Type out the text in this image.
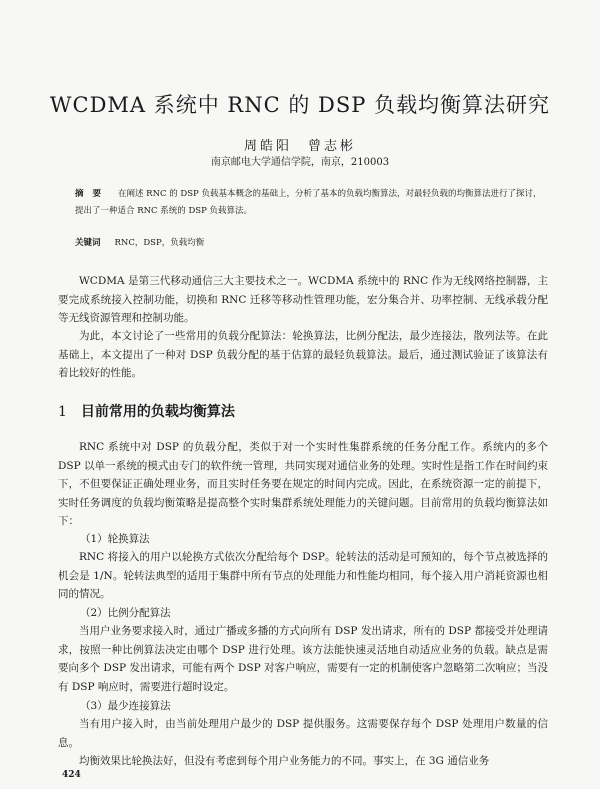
WCDMA 系统中 RNC 的 DSP 负载均衡算法研究
周皓阳　曾志彬
南京邮电大学通信学院，南京，210003
摘 要 在阐述 RNC 的 DSP 负载基本概念的基础上，分析了基本的负载均衡算法，对最轻负载的均衡算法进行了探讨，提出了一种适合 RNC 系统的 DSP 负载算法。
关键词 RNC，DSP，负载均衡

WCDMA 是第三代移动通信三大主要技术之一。WCDMA 系统中的 RNC 作为无线网络控制器，主要完成系统接入控制功能，切换和 RNC 迁移等移动性管理功能，宏分集合并、功率控制、无线承载分配等无线资源管理和控制功能。

为此，本文讨论了一些常用的负载分配算法：轮换算法，比例分配法，最少连接法，散列法等。在此基础上，本文提出了一种对 DSP 负载分配的基于估算的最轻负载算法。最后，通过测试验证了该算法有着比较好的性能。

1 目前常用的负载均衡算法

RNC 系统中对 DSP 的负载分配，类似于对一个实时性集群系统的任务分配工作。系统内的多个 DSP 以单一系统的模式由专门的软件统一管理，共同实现对通信业务的处理。实时性是指工作在时间约束下，不但要保证正确处理业务，而且实时任务要在规定的时间内完成。因此，在系统资源一定的前提下，实时任务调度的负载均衡策略是提高整个实时集群系统处理能力的关键问题。目前常用的负载均衡算法如下：

（1）轮换算法

RNC 将接入的用户以轮换方式依次分配给每个 DSP。轮转法的活动是可预知的，每个节点被选择的机会是 1/N。轮转法典型的适用于集群中所有节点的处理能力和性能均相同，每个接入用户消耗资源也相同的情况。

（2）比例分配算法

当用户业务要求接入时，通过广播或多播的方式向所有 DSP 发出请求，所有的 DSP 都接受并处理请求，按照一种比例算法决定由哪个 DSP 进行处理。该方法能快速灵活地自动适应业务的负载。缺点是需要向多个 DSP 发出请求，可能有两个 DSP 对客户响应，需要有一定的机制使客户忽略第二次响应；当没有 DSP 响应时，需要进行超时设定。

（3）最少连接算法

当有用户接入时，由当前处理用户最少的 DSP 提供服务。这需要保存每个 DSP 处理用户数量的信息。

均衡效果比轮换法好，但没有考虑到每个用户业务能力的不同。事实上，在 3G 通信业务

424
